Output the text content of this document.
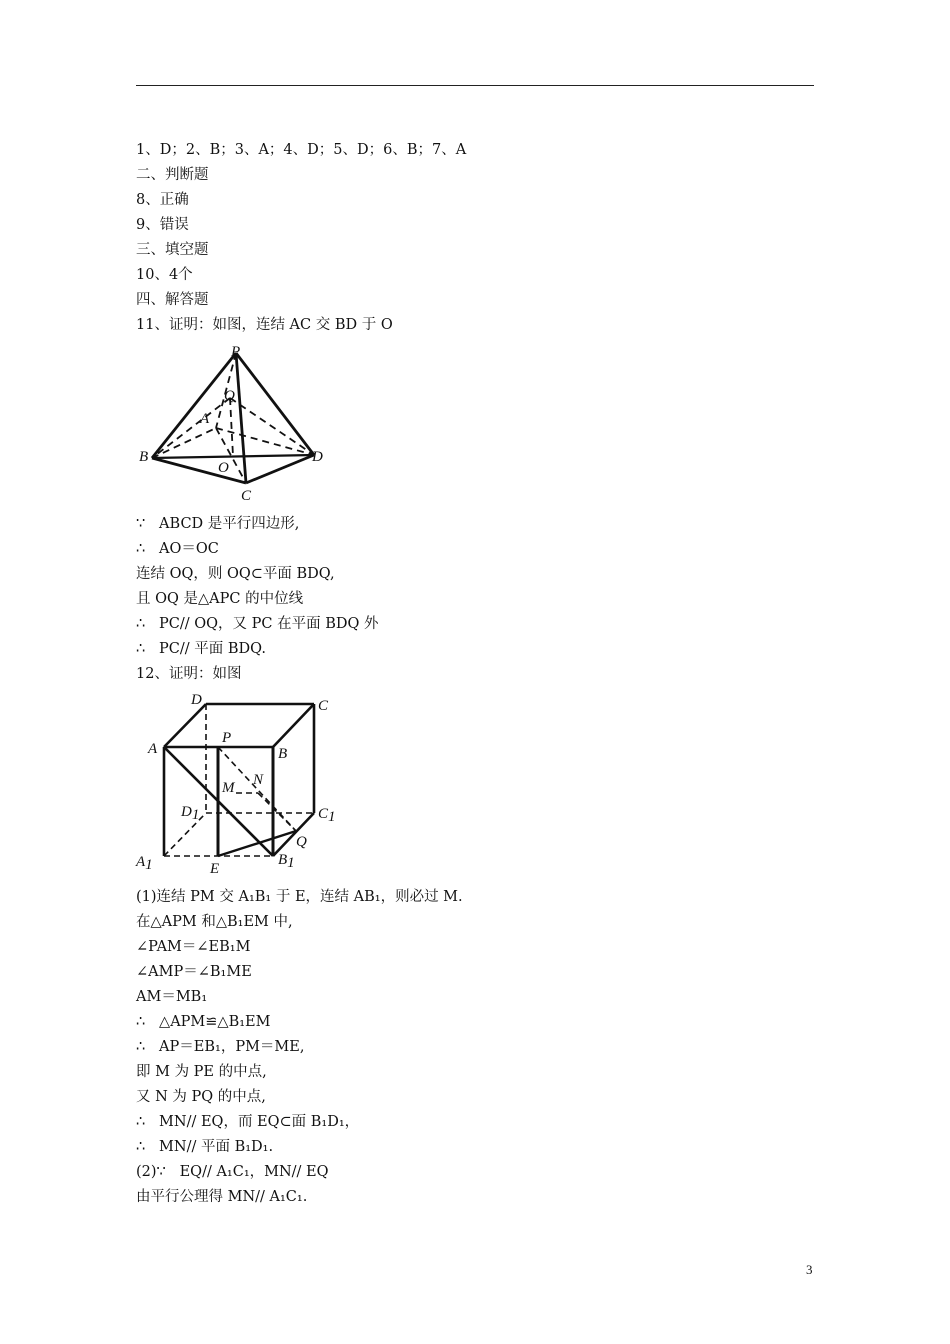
1、D；2、B；3、A；4、D；5、D；6、B；7、A
二、判断题
8、正确
9、错误
三、填空题
10、4个
四、解答题
11、证明：如图，连结 AC 交 BD 于 O
∵   ABCD 是平行四边形,
∴   AO＝OC
连结 OQ，则 OQ⊂平面 BDQ,
且 OQ 是△APC 的中位线
∴   PC// OQ，又 PC 在平面 BDQ 外
∴   PC// 平面 BDQ.
12、证明：如图
(1)连结 PM 交 A₁B₁ 于 E，连结 AB₁，则必过 M.
在△APM 和△B₁EM 中,
∠PAM＝∠EB₁M
∠AMP＝∠B₁ME
AM＝MB₁
∴   △APM≌△B₁EM
∴   AP＝EB₁，PM＝ME,
即 M 为 PE 的中点,
又 N 为 PQ 的中点,
∴   MN// EQ，而 EQ⊂面 B₁D₁，
∴   MN// 平面 B₁D₁.
(2)∵   EQ// A₁C₁，MN// EQ
由平行公理得 MN// A₁C₁.
P
Q
A
B
O
D
C
D	C
A
P
B
M N
D1	C1
A1	B1
E
Q
3
